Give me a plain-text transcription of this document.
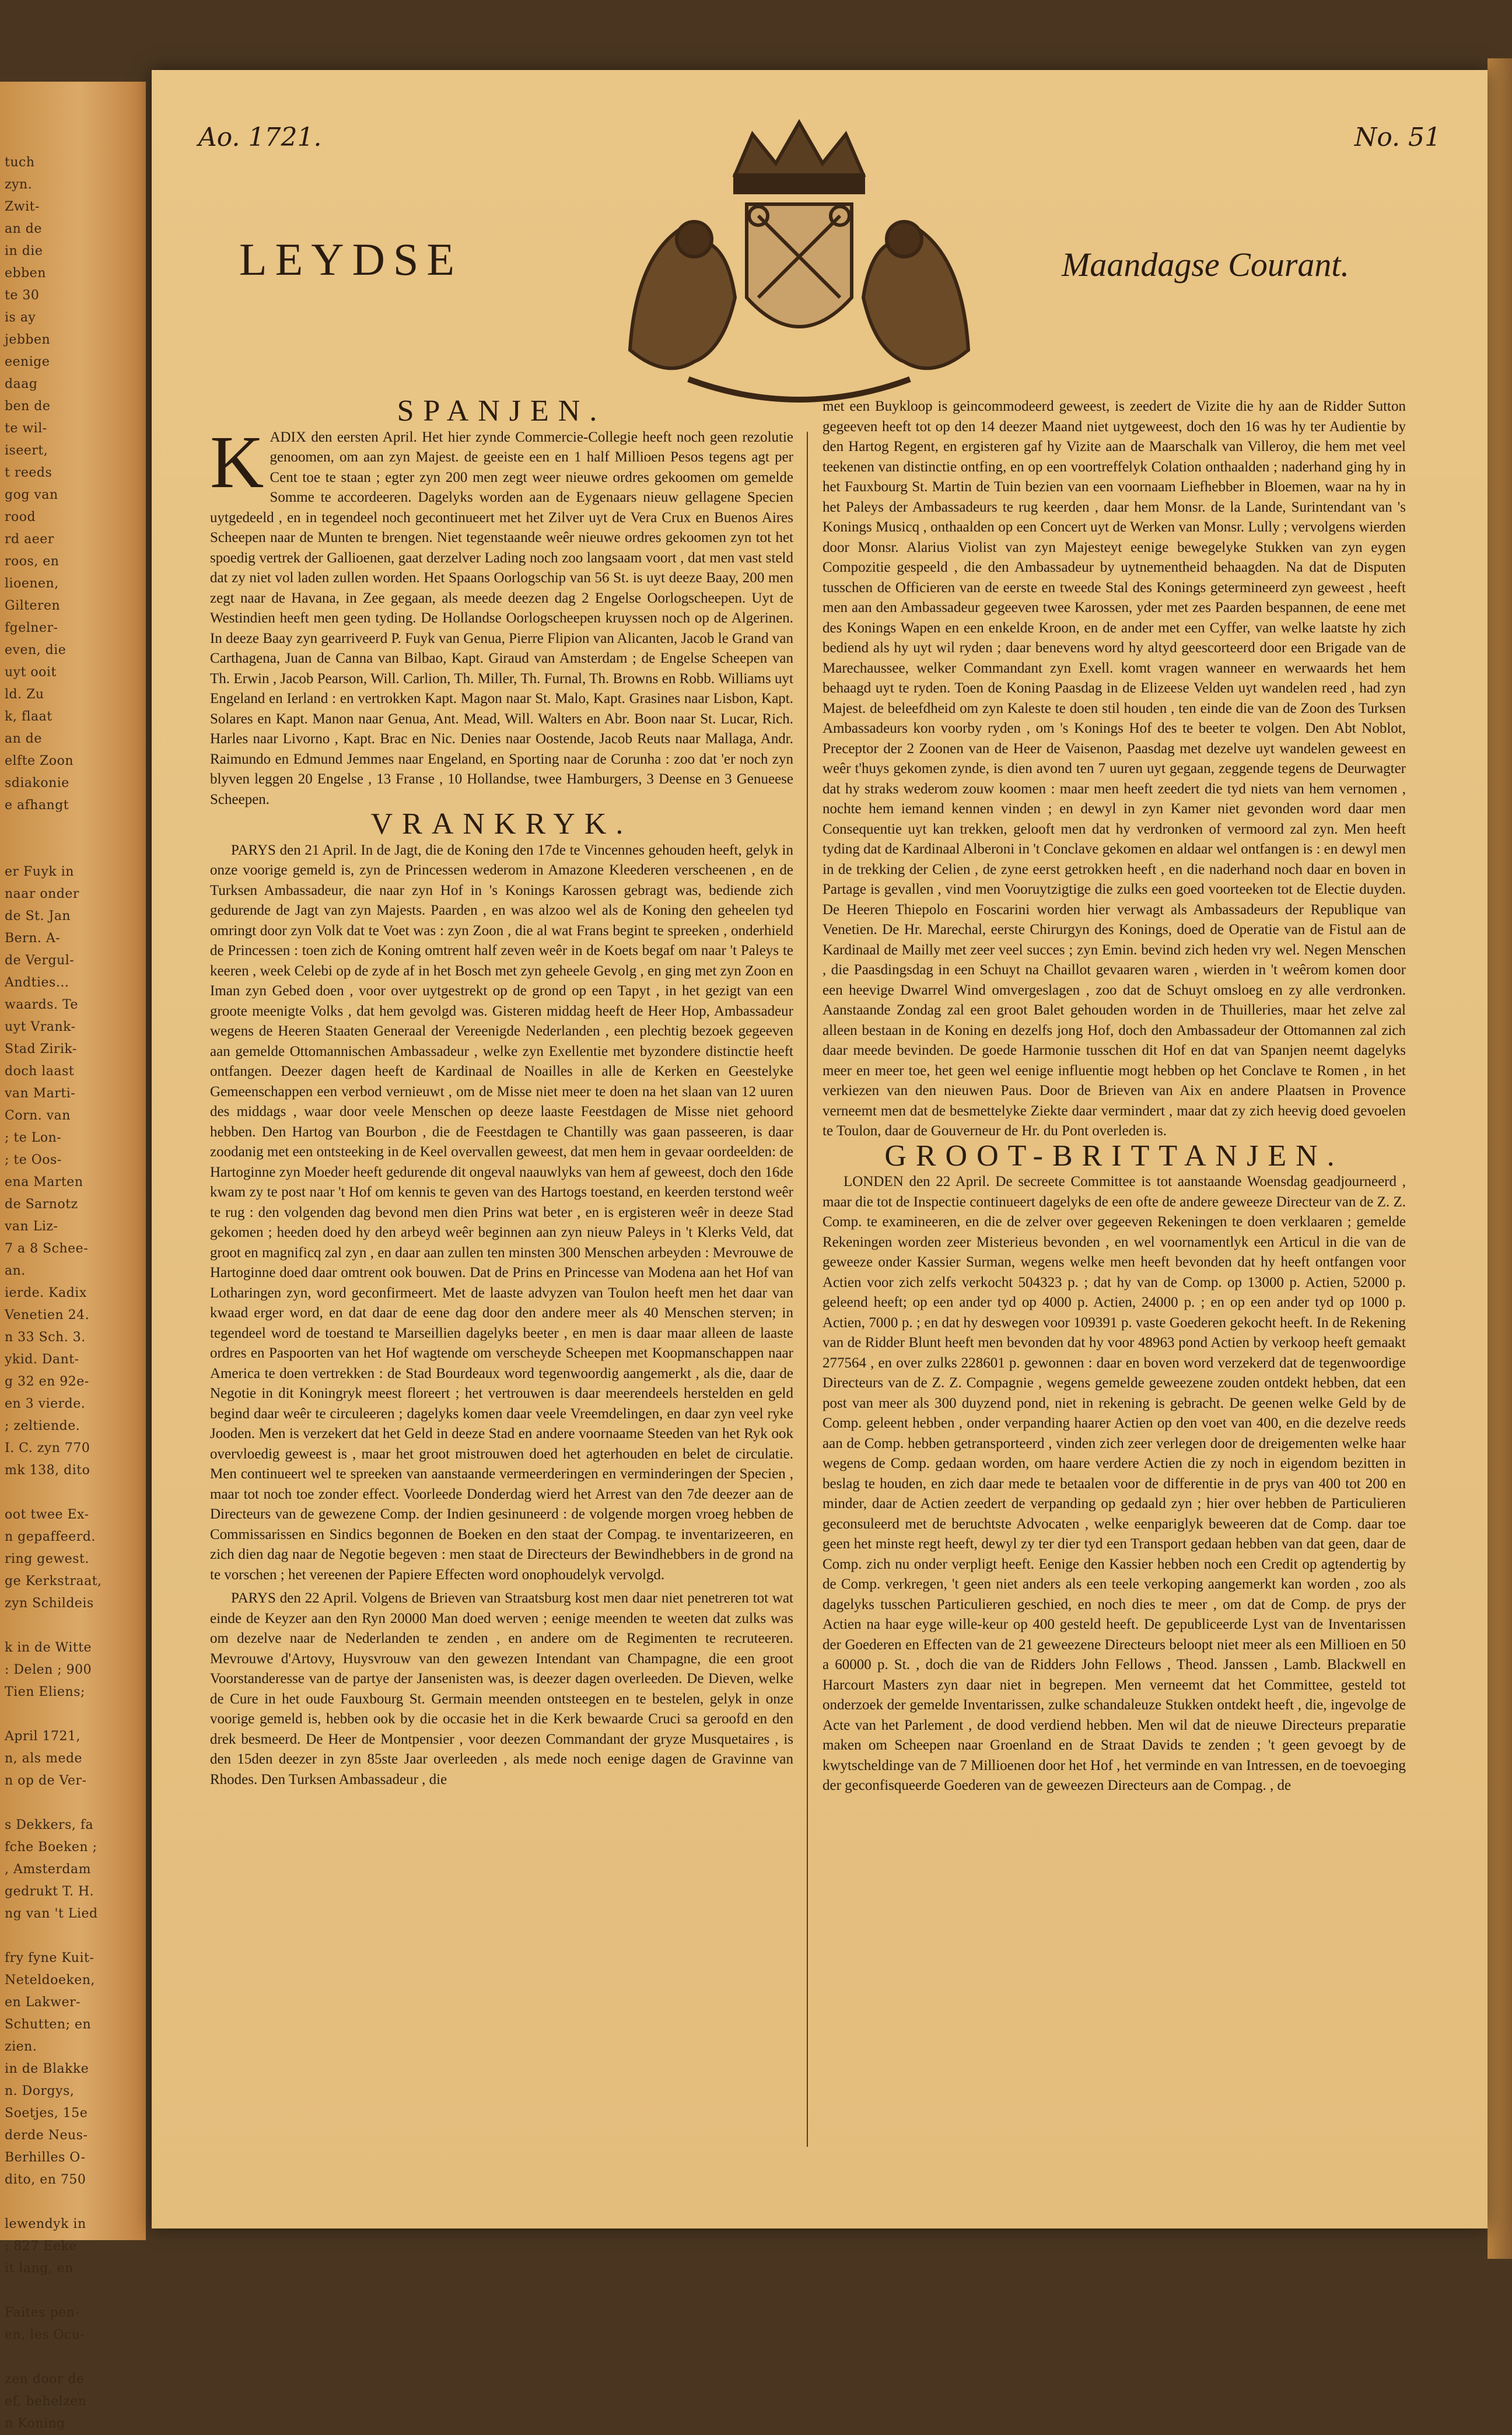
tuch
zyn.
Zwit-
an de
in die
ebben
te 30
is ay
jebben
eenige
daag
ben de
te wil-
iseert,
t reeds
gog van
rood
rd aeer
roos, en
lioenen,
Gilteren
fgelner-
even, die
uyt ooit
ld. Zu
k, flaat
an de
elfte Zoon
sdiakonie
e afhangt

er Fuyk in
naar onder
de St. Jan
Bern. A-
de Vergul-
Andties...
waards. Te
uyt Vrank-
Stad Zirik-
doch laast
van Marti-
Corn. van
; te Lon-
; te Oos-
ena Marten
de Sarnotz
van Liz-
7 a 8 Schee-
an.
ierde. Kadix
Venetien 24.
n 33 Sch. 3.
ykid. Dant-
g 32 en 92e-
en 3 vierde.
; zeltiende.
I. C. zyn 770
mk 138, dito

oot twee Ex-
n gepaffeerd.
ring gewest.
ge Kerkstraat,
zyn Schildeis

k in de Witte
: Delen ; 900
Tien Eliens;

April 1721,
n, als mede
n op de Ver-

s Dekkers, fa
fche Boeken ;
, Amsterdam
gedrukt T. H.
ng van 't Lied

fry fyne Kuit-
Neteldoeken,
en Lakwer-
Schutten; en
zien.
in de Blakke
n. Dorgys,
Soetjes, 15e
derde Neus-
Berhilles O-
dito, en 750

lewendyk in
; 827 Eeke
it lang, en

Faites pen-
en, les Ocu-

zen door de
ef, behelzen
n Koning
Ao. 1721.	No. 51
LEYDSE	Maandagse Courant.
SPANJEN.

KADIX den eersten April. Het hier zynde Commercie-Collegie heeft noch geen rezolutie genoomen, om aan zyn Majest. de geeiste een en 1 half Millioen Pesos tegens agt per Cent toe te staan ; egter zyn 200 men zegt weer nieuwe ordres gekoomen om gemelde Somme te accordeeren. Dagelyks worden aan de Eygenaars nieuw gellagene Specien uytgedeeld , en in tegendeel noch gecontinueert met het Zilver uyt de Vera Crux en Buenos Aires Scheepen naar de Munten te brengen. Niet tegenstaande weêr nieuwe ordres gekoomen zyn tot het spoedig vertrek der Gallioenen, gaat derzelver Lading noch zoo langsaam voort , dat men vast steld dat zy niet vol laden zullen worden. Het Spaans Oorlogschip van 56 St. is uyt deeze Baay, 200 men zegt naar de Havana, in Zee gegaan, als meede deezen dag 2 Engelse Oorlogscheepen. Uyt de Westindien heeft men geen tyding. De Hollandse Oorlogscheepen kruyssen noch op de Algerinen. In deeze Baay zyn gearriveerd P. Fuyk van Genua, Pierre Flipion van Alicanten, Jacob le Grand van Carthagena, Juan de Canna van Bilbao, Kapt. Giraud van Amsterdam ; de Engelse Scheepen van Th. Erwin , Jacob Pearson, Will. Carlion, Th. Miller, Th. Furnal, Th. Browns en Robb. Williams uyt Engeland en Ierland : en vertrokken Kapt. Magon naar St. Malo, Kapt. Grasines naar Lisbon, Kapt. Solares en Kapt. Manon naar Genua, Ant. Mead, Will. Walters en Abr. Boon naar St. Lucar, Rich. Harles naar Livorno , Kapt. Brac en Nic. Denies naar Oostende, Jacob Reuts naar Mallaga, Andr. Raimundo en Edmund Jemmes naar Engeland, en Sporting naar de Corunha : zoo dat 'er noch zyn blyven leggen 20 Engelse , 13 Franse , 10 Hollandse, twee Hamburgers, 3 Deense en 3 Genueese Scheepen.

VRANKRYK.

PARYS den 21 April. In de Jagt, die de Koning den 17de te Vincennes gehouden heeft, gelyk in onze voorige gemeld is, zyn de Princessen wederom in Amazone Kleederen verscheenen , en de Turksen Ambassadeur, die naar zyn Hof in 's Konings Karossen gebragt was, bediende zich gedurende de Jagt van zyn Majests. Paarden , en was alzoo wel als de Koning den geheelen tyd omringt door zyn Volk dat te Voet was : zyn Zoon , die al wat Frans begint te spreeken , onderhield de Princessen : toen zich de Koning omtrent half zeven weêr in de Koets begaf om naar 't Paleys te keeren , week Celebi op de zyde af in het Bosch met zyn geheele Gevolg , en ging met zyn Zoon en Iman zyn Gebed doen , voor over uytgestrekt op de grond op een Tapyt , in het gezigt van een groote meenigte Volks , dat hem gevolgd was. Gisteren middag heeft de Heer Hop, Ambassadeur wegens de Heeren Staaten Generaal der Vereenigde Nederlanden , een plechtig bezoek gegeeven aan gemelde Ottomannischen Ambassadeur , welke zyn Exellentie met byzondere distinctie heeft ontfangen. Deezer dagen heeft de Kardinaal de Noailles in alle de Kerken en Geestelyke Gemeenschappen een verbod vernieuwt , om de Misse niet meer te doen na het slaan van 12 uuren des middags , waar door veele Menschen op deeze laaste Feestdagen de Misse niet gehoord hebben. Den Hartog van Bourbon , die de Feestdagen te Chantilly was gaan passeeren, is daar zoodanig met een ontsteeking in de Keel overvallen geweest, dat men hem in gevaar oordeelden: de Hartoginne zyn Moeder heeft gedurende dit ongeval naauwlyks van hem af geweest, doch den 16de kwam zy te post naar 't Hof om kennis te geven van des Hartogs toestand, en keerden terstond weêr te rug : den volgenden dag bevond men dien Prins wat beter , en is ergisteren weêr in deeze Stad gekomen ; heeden doed hy den arbeyd weêr beginnen aan zyn nieuw Paleys in 't Klerks Veld, dat groot en magnificq zal zyn , en daar aan zullen ten minsten 300 Menschen arbeyden : Mevrouwe de Hartoginne doed daar omtrent ook bouwen. Dat de Prins en Princesse van Modena aan het Hof van Lotharingen zyn, word geconfirmeert. Met de laaste advyzen van Toulon heeft men het daar van kwaad erger word, en dat daar de eene dag door den andere meer als 40 Menschen sterven; in tegendeel word de toestand te Marseillien dagelyks beeter , en men is daar maar alleen de laaste ordres en Paspoorten van het Hof wagtende om verscheyde Scheepen met Koopmanschappen naar America te doen vertrekken : de Stad Bourdeaux word tegenwoordig aangemerkt , als die, daar de Negotie in dit Koningryk meest floreert ; het vertrouwen is daar meerendeels herstelden en geld begind daar weêr te circuleeren ; dagelyks komen daar veele Vreemdelingen, en daar zyn veel ryke Jooden. Men is verzekert dat het Geld in deeze Stad en andere voornaame Steeden van het Ryk ook overvloedig geweest is , maar het groot mistrouwen doed het agterhouden en belet de circulatie. Men continueert wel te spreeken van aanstaande vermeerderingen en verminderingen der Specien , maar tot noch toe zonder effect. Voorleede Donderdag wierd het Arrest van den 7de deezer aan de Directeurs van de gewezene Comp. der Indien gesinuneerd : de volgende morgen vroeg hebben de Commissarissen en Sindics begonnen de Boeken en den staat der Compag. te inventarizeeren, en zich dien dag naar de Negotie begeven : men staat de Directeurs der Bewindhebbers in de grond na te vorschen ; het vereenen der Papiere Effecten word onophoudelyk vervolgd.

PARYS den 22 April. Volgens de Brieven van Straatsburg kost men daar niet penetreren tot wat einde de Keyzer aan den Ryn 20000 Man doed werven ; eenige meenden te weeten dat zulks was om dezelve naar de Nederlanden te zenden , en andere om de Regimenten te recruteeren. Mevrouwe d'Artovy, Huysvrouw van den gewezen Intendant van Champagne, die een groot Voorstanderesse van de partye der Jansenisten was, is deezer dagen overleeden. De Dieven, welke de Cure in het oude Fauxbourg St. Germain meenden ontsteegen en te bestelen, gelyk in onze voorige gemeld is, hebben ook by die occasie het in die Kerk bewaarde Cruci sa geroofd en den drek besmeerd. De Heer de Montpensier , voor deezen Commandant der gryze Musquetaires , is den 15den deezer in zyn 85ste Jaar overleeden , als mede noch eenige dagen de Gravinne van Rhodes. Den Turksen Ambassadeur , die

met een Buykloop is geincommodeerd geweest, is zeedert de Vizite die hy aan de Ridder Sutton gegeeven heeft tot op den 14 deezer Maand niet uytgeweest, doch den 16 was hy ter Audientie by den Hartog Regent, en ergisteren gaf hy Vizite aan de Maarschalk van Villeroy, die hem met veel teekenen van distinctie ontfing, en op een voortreffelyk Colation onthaalden ; naderhand ging hy in het Fauxbourg St. Martin de Tuin bezien van een voornaam Liefhebber in Bloemen, waar na hy in het Paleys der Ambassadeurs te rug keerden , daar hem Monsr. de la Lande, Surintendant van 's Konings Musicq , onthaalden op een Concert uyt de Werken van Monsr. Lully ; vervolgens wierden door Monsr. Alarius Violist van zyn Majesteyt eenige bewegelyke Stukken van zyn eygen Compozitie gespeeld , die den Ambassadeur by uytnementheid behaagden. Na dat de Disputen tusschen de Officieren van de eerste en tweede Stal des Konings getermineerd zyn geweest , heeft men aan den Ambassadeur gegeeven twee Karossen, yder met zes Paarden bespannen, de eene met des Konings Wapen en een enkelde Kroon, en de ander met een Cyffer, van welke laatste hy zich bediend als hy uyt wil ryden ; daar benevens word hy altyd geescorteerd door een Brigade van de Marechaussee, welker Commandant zyn Exell. komt vragen wanneer en werwaards het hem behaagd uyt te ryden. Toen de Koning Paasdag in de Elizeese Velden uyt wandelen reed , had zyn Majest. de beleefdheid om zyn Kaleste te doen stil houden , ten einde die van de Zoon des Turksen Ambassadeurs kon voorby ryden , om 's Konings Hof des te beeter te volgen. Den Abt Noblot, Preceptor der 2 Zoonen van de Heer de Vaisenon, Paasdag met dezelve uyt wandelen geweest en weêr t'huys gekomen zynde, is dien avond ten 7 uuren uyt gegaan, zeggende tegens de Deurwagter dat hy straks wederom zouw koomen : maar men heeft zeedert die tyd niets van hem vernomen , nochte hem iemand kennen vinden ; en dewyl in zyn Kamer niet gevonden word daar men Consequentie uyt kan trekken, gelooft men dat hy verdronken of vermoord zal zyn. Men heeft tyding dat de Kardinaal Alberoni in 't Conclave gekomen en aldaar wel ontfangen is : en dewyl men in de trekking der Celien , de zyne eerst getrokken heeft , en die naderhand noch daar en boven in Partage is gevallen , vind men Vooruytzigtige die zulks een goed voorteeken tot de Electie duyden. De Heeren Thiepolo en Foscarini worden hier verwagt als Ambassadeurs der Republique van Venetien. De Hr. Marechal, eerste Chirurgyn des Konings, doed de Operatie van de Fistul aan de Kardinaal de Mailly met zeer veel succes ; zyn Emin. bevind zich heden vry wel. Negen Menschen , die Paasdingsdag in een Schuyt na Chaillot gevaaren waren , wierden in 't weêrom komen door een heevige Dwarrel Wind omvergeslagen , zoo dat de Schuyt omsloeg en zy alle verdronken. Aanstaande Zondag zal een groot Balet gehouden worden in de Thuilleries, maar het zelve zal alleen bestaan in de Koning en dezelfs jong Hof, doch den Ambassadeur der Ottomannen zal zich daar meede bevinden. De goede Harmonie tusschen dit Hof en dat van Spanjen neemt dagelyks meer en meer toe, het geen wel eenige influentie mogt hebben op het Conclave te Romen , in het verkiezen van den nieuwen Paus. Door de Brieven van Aix en andere Plaatsen in Provence verneemt men dat de besmettelyke Ziekte daar vermindert , maar dat zy zich heevig doed gevoelen te Toulon, daar de Gouverneur de Hr. du Pont overleden is.

GROOT-BRITTANJEN.

LONDEN den 22 April. De secreete Committee is tot aanstaande Woensdag geadjourneerd , maar die tot de Inspectie continueert dagelyks de een ofte de andere geweeze Directeur van de Z. Z. Comp. te examineeren, en die de zelver over gegeeven Rekeningen te doen verklaaren ; gemelde Rekeningen worden zeer Misterieus bevonden , en wel voornamentlyk een Articul in die van de geweeze onder Kassier Surman, wegens welke men heeft bevonden dat hy heeft ontfangen voor Actien voor zich zelfs verkocht 504323 p. ; dat hy van de Comp. op 13000 p. Actien, 52000 p. geleend heeft; op een ander tyd op 4000 p. Actien, 24000 p. ; en op een ander tyd op 1000 p. Actien, 7000 p. ; en dat hy deswegen voor 109391 p. vaste Goederen gekocht heeft. In de Rekening van de Ridder Blunt heeft men bevonden dat hy voor 48963 pond Actien by verkoop heeft gemaakt 277564 , en over zulks 228601 p. gewonnen : daar en boven word verzekerd dat de tegenwoordige Directeurs van de Z. Z. Compagnie , wegens gemelde geweezene zouden ontdekt hebben, dat een post van meer als 300 duyzend pond, niet in rekening is gebracht. De geenen welke Geld by de Comp. geleent hebben , onder verpanding haarer Actien op den voet van 400, en die dezelve reeds aan de Comp. hebben getransporteerd , vinden zich zeer verlegen door de dreigementen welke haar wegens de Comp. gedaan worden, om haare verdere Actien die zy noch in eigendom bezitten in beslag te houden, en zich daar mede te betaalen voor de differentie in de prys van 400 tot 200 en minder, daar de Actien zeedert de verpanding op gedaald zyn ; hier over hebben de Particulieren geconsuleerd met de beruchtste Advocaten , welke eenpariglyk beweeren dat de Comp. daar toe geen het minste regt heeft, dewyl zy ter dier tyd een Transport gedaan hebben van dat geen, daar de Comp. zich nu onder verpligt heeft. Eenige den Kassier hebben noch een Credit op agtendertig by de Comp. verkregen, 't geen niet anders als een teele verkoping aangemerkt kan worden , zoo als dagelyks tusschen Particulieren geschied, en noch dies te meer , om dat de Comp. de prys der Actien na haar eyge wille-keur op 400 gesteld heeft. De gepubliceerde Lyst van de Inventarissen der Goederen en Effecten van de 21 geweezene Directeurs beloopt niet meer als een Millioen en 50 a 60000 p. St. , doch die van de Ridders John Fellows , Theod. Janssen , Lamb. Blackwell en Harcourt Masters zyn daar niet in begrepen. Men verneemt dat het Committee, gesteld tot onderzoek der gemelde Inventarissen, zulke schandaleuze Stukken ontdekt heeft , die, ingevolge de Acte van het Parlement , de dood verdiend hebben. Men wil dat de nieuwe Directeurs preparatie maken om Scheepen naar Groenland en de Straat Davids te zenden ; 't geen gevoegt by de kwytscheldinge van de 7 Millioenen door het Hof , het verminde en van Intressen, en de toevoeging der geconfisqueerde Goederen van de geweezen Directeurs aan de Compag. , de
